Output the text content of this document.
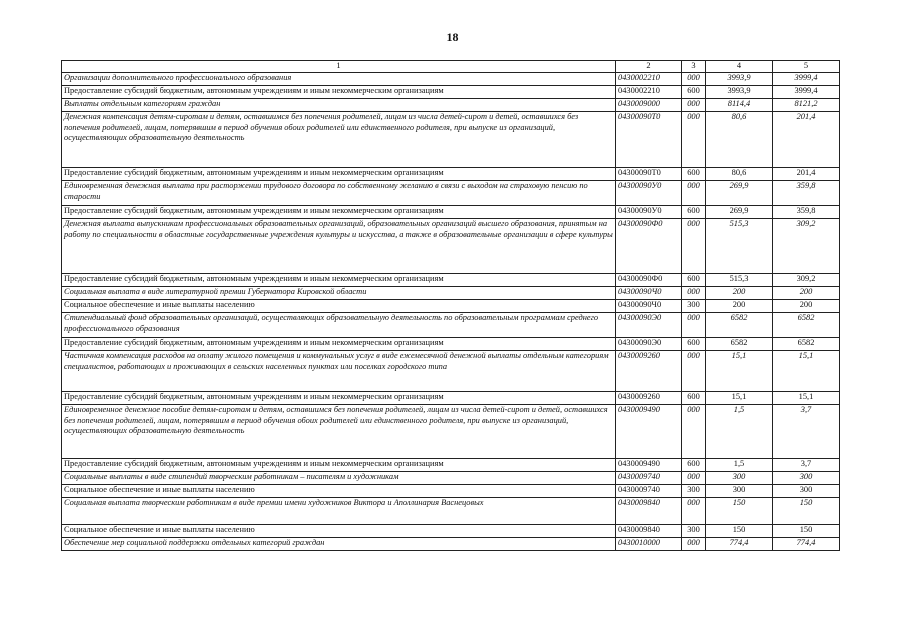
18
1	2	3	4	5
Организации дополнительного профессионального образования	0430002210	000	3993,9	3999,4
Предоставление субсидий бюджетным, автономным учреждениям и иным некоммерческим организациям	0430002210	600	3993,9	3999,4
Выплаты отдельным категориям граждан	0430009000	000	8114,4	8121,2
Денежная компенсация детям-сиротам и детям, оставшимся без попечения родителей, лицам из числа детей-сирот и детей, оставшихся без попечения родителей, лицам, потерявшим в период обучения обоих родителей или единственного родителя, при выпуске из организаций, осуществляющих образовательную деятельность	04300090Т0	000	80,6	201,4
Предоставление субсидий бюджетным, автономным учреждениям и иным некоммерческим организациям	04300090Т0	600	80,6	201,4
Единовременная денежная выплата при расторжении трудового договора по собственному желанию в связи с выходом на страховую пенсию по старости	04300090У0	000	269,9	359,8
Предоставление субсидий бюджетным, автономным учреждениям и иным некоммерческим организациям	04300090У0	600	269,9	359,8
Денежная выплата выпускникам профессиональных образовательных организаций, образовательных организаций высшего образования, принятым на работу по специальности в областные государственные учреждения культуры и искусства, а также в образовательные организации в сфере культуры	04300090Ф0	000	515,3	309,2
Предоставление субсидий бюджетным, автономным учреждениям и иным некоммерческим организациям	04300090Ф0	600	515,3	309,2
Социальная выплата в виде литературной премии Губернатора Кировской области	04300090Ч0	000	200	200
Социальное обеспечение и иные выплаты населению	04300090Ч0	300	200	200
Стипендиальный фонд образовательных организаций, осуществляющих образовательную деятельность по образовательным программам среднего профессионального образования	04300090Э0	000	6582	6582
Предоставление субсидий бюджетным, автономным учреждениям и иным некоммерческим организациям	04300090Э0	600	6582	6582
Частичная компенсация расходов на оплату жилого помещения и коммунальных услуг в виде ежемесячной денежной выплаты отдельным категориям специалистов, работающих и проживающих в сельских населенных пунктах или поселках городского типа	0430009260	000	15,1	15,1
Предоставление субсидий бюджетным, автономным учреждениям и иным некоммерческим организациям	0430009260	600	15,1	15,1
Единовременное денежное пособие детям-сиротам и детям, оставшимся без попечения родителей, лицам из числа детей-сирот и детей, оставшихся без попечения родителей, лицам, потерявшим в период обучения обоих родителей или единственного родителя, при выпуске из организаций, осуществляющих образовательную деятельность	0430009490	000	1,5	3,7
Предоставление субсидий бюджетным, автономным учреждениям и иным некоммерческим организациям	0430009490	600	1,5	3,7
Социальные выплаты в виде стипендий творческим работникам – писателям и художникам	0430009740	000	300	300
Социальное обеспечение и иные выплаты населению	0430009740	300	300	300
Социальная выплата творческим работникам в виде премии имени художников Виктора и Аполлинария Васнецовых	0430009840	000	150	150
Социальное обеспечение и иные выплаты населению	0430009840	300	150	150
Обеспечение мер социальной поддержки отдельных категорий граждан	0430010000	000	774,4	774,4
